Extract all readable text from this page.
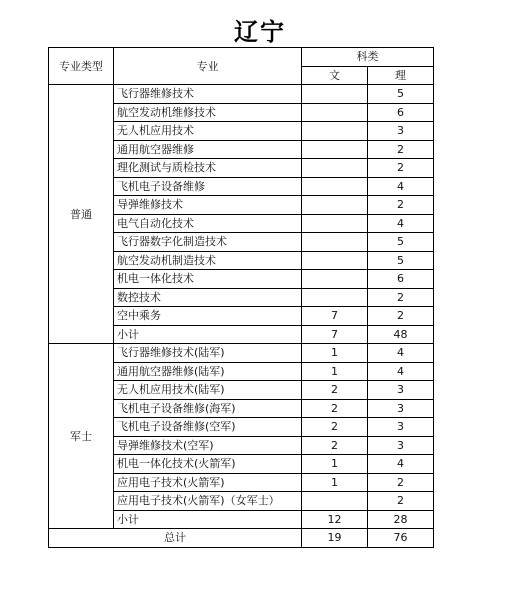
辽宁
专业类型	专业	科类	
		文	理
普通	飞行器维修技术		5
	航空发动机维修技术		6
	无人机应用技术		3
	通用航空器维修		2
	理化测试与质检技术		2
	飞机电子设备维修		4
	导弹维修技术		2
	电气自动化技术		4
	飞行器数字化制造技术		5
	航空发动机制造技术		5
	机电一体化技术		6
	数控技术		2
	空中乘务	7	2
	小计	7	48
军士	飞行器维修技术(陆军)	1	4
	通用航空器维修(陆军)	1	4
	无人机应用技术(陆军)	2	3
	飞机电子设备维修(海军)	2	3
	飞机电子设备维修(空军)	2	3
	导弹维修技术(空军)	2	3
	机电一体化技术(火箭军)	1	4
	应用电子技术(火箭军)	1	2
	应用电子技术(火箭军)（女军士）		2
	小计	12	28
总计		19	76
